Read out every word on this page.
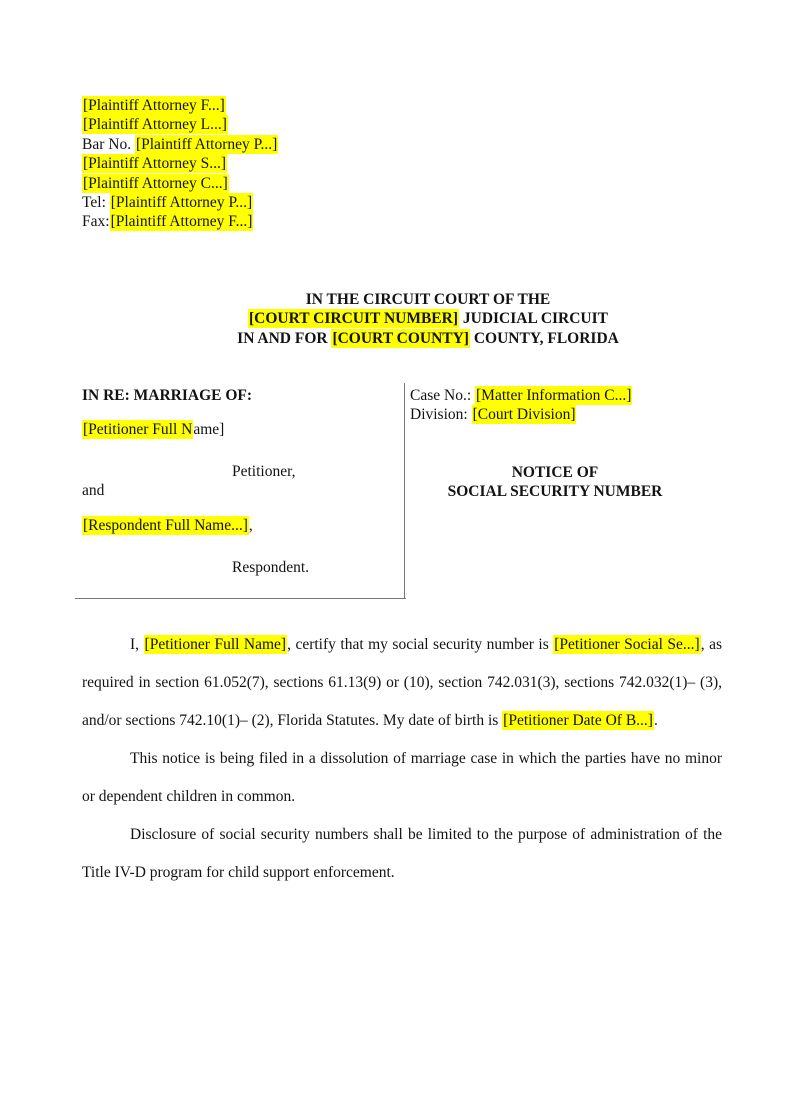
[Plaintiff Attorney F...]
[Plaintiff Attorney L...]
Bar No. [Plaintiff Attorney P...]
[Plaintiff Attorney S...]
[Plaintiff Attorney C...]
Tel: [Plaintiff Attorney P...]
Fax:[Plaintiff Attorney F...]
IN THE CIRCUIT COURT OF THE
[COURT CIRCUIT NUMBER] JUDICIAL CIRCUIT
IN AND FOR [COURT COUNTY] COUNTY, FLORIDA
IN RE: MARRIAGE OF:
[Petitioner Full Name]
Petitioner,
and
[Respondent Full Name...],
Respondent.
Case No.: [Matter Information C...]
Division: [Court Division]
NOTICE OF
SOCIAL SECURITY NUMBER

I, [Petitioner Full Name], certify that my social security number is [Petitioner Social Se...], as required in section 61.052(7), sections 61.13(9) or (10), section 742.031(3), sections 742.032(1)– (3), and/or sections 742.10(1)– (2), Florida Statutes. My date of birth is [Petitioner Date Of B...].

This notice is being filed in a dissolution of marriage case in which the parties have no minor or dependent children in common.

Disclosure of social security numbers shall be limited to the purpose of administration of the Title IV-D program for child support enforcement.
